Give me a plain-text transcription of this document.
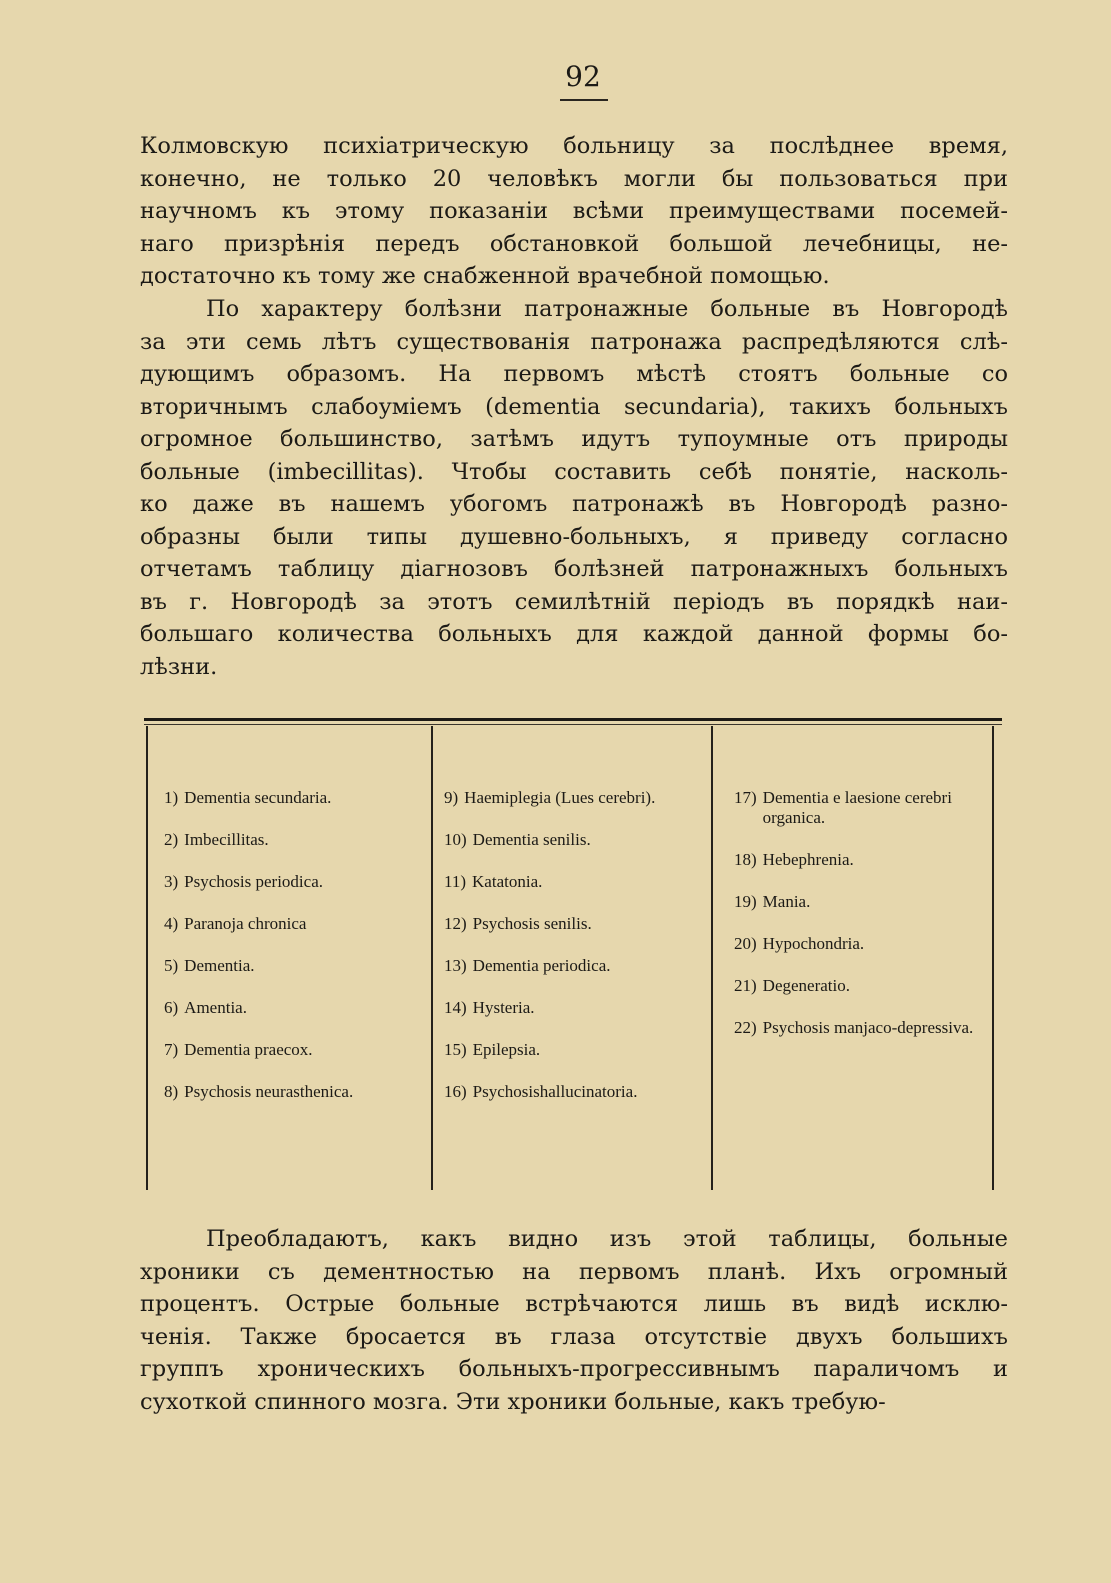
92
Колмовскую психіатрическую больницу за послѣднее время,
конечно, не только 20 человѣкъ могли бы пользоваться при
научномъ къ этому показаніи всѣми преимуществами посемей-
наго призрѣнія передъ обстановкой большой лечебницы, не-
достаточно къ тому же снабженной врачебной помощью.
По характеру болѣзни патронажные больные въ Новгородѣ
за эти семь лѣтъ существованія патронажа распредѣляются слѣ-
дующимъ образомъ. На первомъ мѣстѣ стоятъ больные со
вторичнымъ слабоуміемъ (dementia secundaria), такихъ больныхъ
огромное большинство, затѣмъ идутъ тупоумные отъ природы
больные (imbecillitas). Чтобы составить себѣ понятіе, насколь-
ко даже въ нашемъ убогомъ патронажѣ въ Новгородѣ разно-
образны были типы душевно-больныхъ, я приведу согласно
отчетамъ таблицу діагнозовъ болѣзней патронажныхъ больныхъ
въ г. Новгородѣ за этотъ семилѣтній періодъ въ порядкѣ наи-
большаго количества больныхъ для каждой данной формы бо-
лѣзни.
1) Dementia secundaria.
2) Imbecillitas.
3) Psychosis periodica.
4) Paranoja chronica
5) Dementia.
6) Amentia.
7) Dementia praecox.
8) Psychosis neurasthenica.
9) Haemiplegia (Lues cerebri).
10) Dementia senilis.
11) Katatonia.
12) Psychosis senilis.
13) Dementia periodica.
14) Hysteria.
15) Epilepsia.
16) Psychosishallucinatoria.
17) Dementia e laesione cerebri organica.
18) Hebephrenia.
19) Mania.
20) Hypochondria.
21) Degeneratio.
22) Psychosis manjaco-depressiva.
Преобладаютъ, какъ видно изъ этой таблицы, больные
хроники съ дементностью на первомъ планѣ. Ихъ огромный
процентъ. Острые больные встрѣчаются лишь въ видѣ исклю-
ченія. Также бросается въ глаза отсутствіе двухъ большихъ
группъ хроническихъ больныхъ-прогрессивнымъ параличомъ и
сухоткой спинного мозга. Эти хроники больные, какъ требую-
